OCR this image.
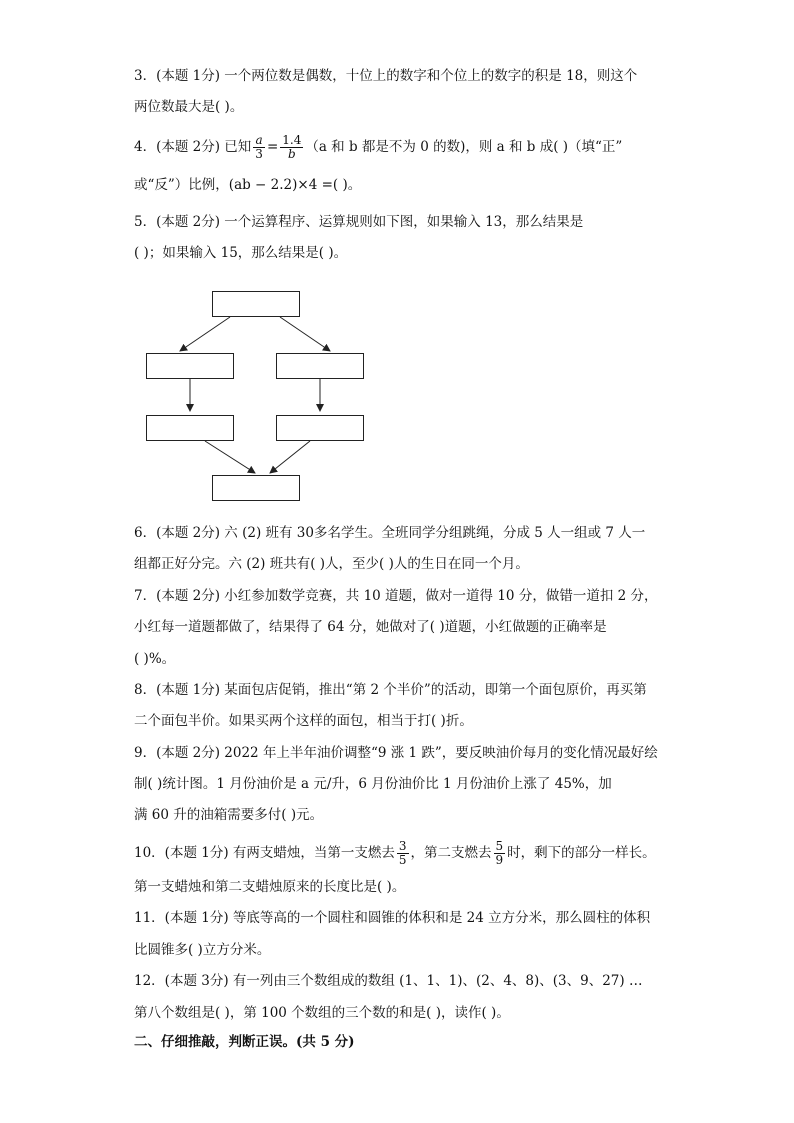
3．(本题 1分) 一个两位数是偶数，十位上的数字和个位上的数字的积是 18，则这个
两位数最大是( )。
4．(本题 2分) 已知 $\frac{a}{3} = \frac{1.4}{b} (a$ 和 b 都是不为 0 的数)，则 a 和 b 成( )（填“正”
或“反”）比例，(ab − 2.2)×4 =( )。
5．(本题 2分) 一个运算程序、运算规则如下图，如果输入 13，那么结果是
( )；如果输入 15，那么结果是( )。
6．(本题 2分) 六 (2) 班有 30多名学生。全班同学分组跳绳，分成 5 人一组或 7 人一
组都正好分完。六 (2) 班共有( )人，至少( )人的生日在同一个月。
7．(本题 2分) 小红参加数学竞赛，共 10 道题，做对一道得 10 分，做错一道扣 2 分，
小红每一道题都做了，结果得了 64 分，她做对了( )道题，小红做题的正确率是
( )%。
8．(本题 1分) 某面包店促销，推出“第 2 个半价”的活动，即第一个面包原价，再买第
二个面包半价。如果买两个这样的面包，相当于打( )折。
9．(本题 2分) 2022 年上半年油价调整“9 涨 1 跌”，要反映油价每月的变化情况最好绘
制( )统计图。1 月份油价是 a 元/升，6 月份油价比 1 月份油价上涨了 45%，加
满 60 升的油箱需要多付( )元。
10．(本题 1分) 有两支蜡烛，当第一支燃去 $\frac{3}{5}$ ，第二支燃去 $\frac{5}{9}$ 时，剩下的部分一样长。
第一支蜡烛和第二支蜡烛原来的长度比是( )。
11．(本题 1分) 等底等高的一个圆柱和圆锥的体积和是 24 立方分米，那么圆柱的体积
比圆锥多( )立方分米。
12．(本题 3分) 有一列由三个数组成的数组 (1、1、1)、(2、4、8)、(3、9、27) …
第八个数组是( )，第 100 个数组的三个数的和是( )，读作( )。
二、仔细推敲，判断正误。(共 5 分)
